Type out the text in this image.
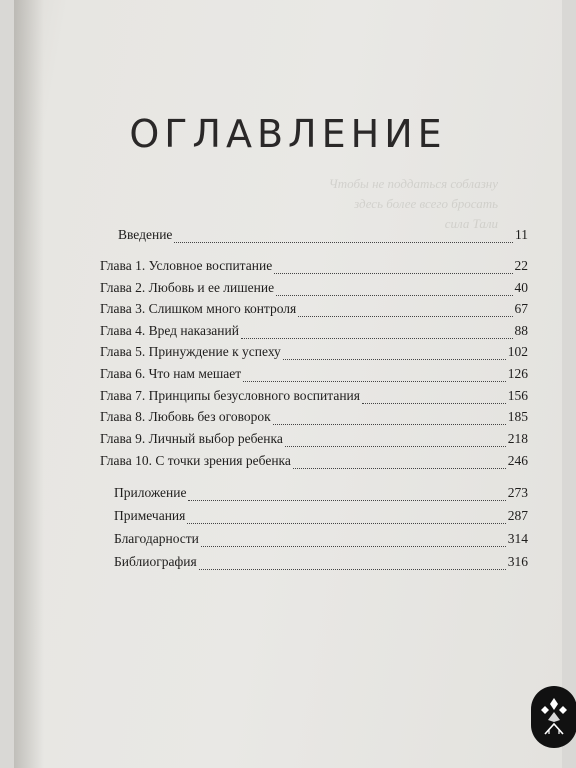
ОГЛАВЛЕНИЕ
Чтобы не поддаться соблазну
здесь более всего бросать
сила Тали
Введение	11
Глава 1. Условное воспитание	22
Глава 2. Любовь и ее лишение	40
Глава 3. Слишком много контроля	67
Глава 4. Вред наказаний	88
Глава 5. Принуждение к успеху	102
Глава 6. Что нам мешает	126
Глава 7. Принципы безусловного воспитания	156
Глава 8. Любовь без оговорок	185
Глава 9. Личный выбор ребенка	218
Глава 10. С точки зрения ребенка	246
Приложение	273
Примечания	287
Благодарности	314
Библиография	316
